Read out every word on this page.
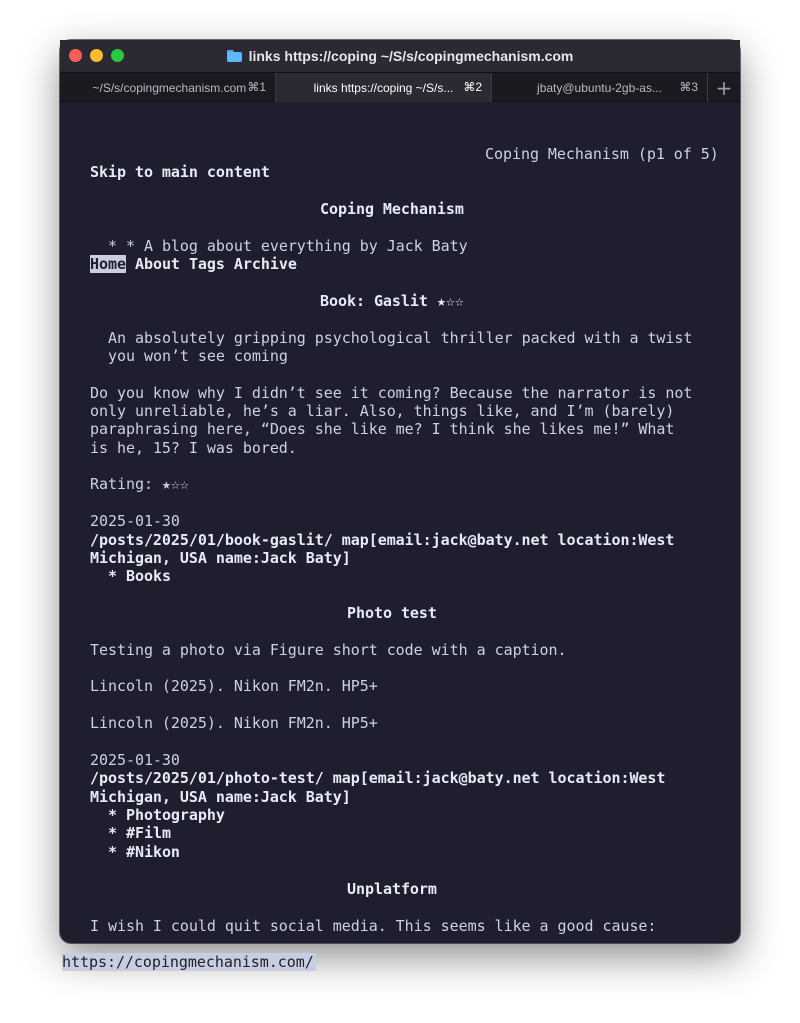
links https://coping ~/S/s/copingmechanism.com
~/S/s/copingmechanism.com ⌘1	links https://coping ~/S/s... ⌘2	jbaty@ubuntu-2gb-as... ⌘3 +
Coping Mechanism (p1 of 5)
Skip to main content
Coping Mechanism
* * A blog about everything by Jack Baty
Home About Tags Archive
Book: Gaslit ★☆☆
An absolutely gripping psychological thriller packed with a twist
you won’t see coming
Do you know why I didn’t see it coming? Because the narrator is not
only unreliable, he’s a liar. Also, things like, and I’m (barely)
paraphrasing here, “Does she like me? I think she likes me!” What
is he, 15? I was bored.
Rating: ★☆☆
2025-01-30
/posts/2025/01/book-gaslit/ map[email:jack@baty.net location:West
Michigan, USA name:Jack Baty]
* Books
Photo test
Testing a photo via Figure short code with a caption.
Lincoln (2025). Nikon FM2n. HP5+
Lincoln (2025). Nikon FM2n. HP5+
2025-01-30
/posts/2025/01/photo-test/ map[email:jack@baty.net location:West
Michigan, USA name:Jack Baty]
* Photography
* #Film
* #Nikon
Unplatform
I wish I could quit social media. This seems like a good cause:
https://copingmechanism.com/
